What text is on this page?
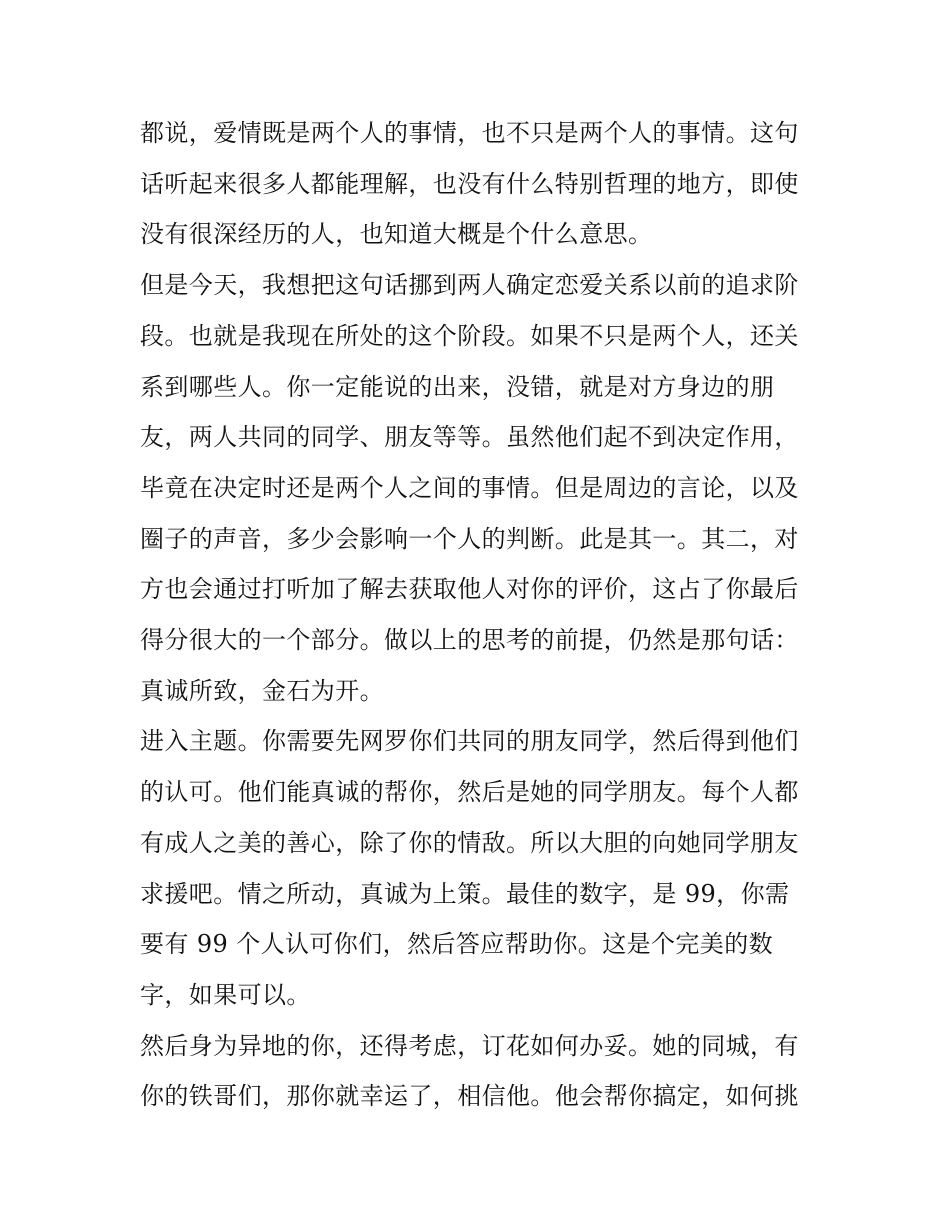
都说，爱情既是两个人的事情，也不只是两个人的事情。这句
话听起来很多人都能理解，也没有什么特别哲理的地方，即使
没有很深经历的人，也知道大概是个什么意思。
但是今天，我想把这句话挪到两人确定恋爱关系以前的追求阶
段。也就是我现在所处的这个阶段。如果不只是两个人，还关
系到哪些人。你一定能说的出来，没错，就是对方身边的朋
友，两人共同的同学、朋友等等。虽然他们起不到决定作用，
毕竟在决定时还是两个人之间的事情。但是周边的言论，以及
圈子的声音，多少会影响一个人的判断。此是其一。其二，对
方也会通过打听加了解去获取他人对你的评价，这占了你最后
得分很大的一个部分。做以上的思考的前提，仍然是那句话：
真诚所致，金石为开。
进入主题。你需要先网罗你们共同的朋友同学，然后得到他们
的认可。他们能真诚的帮你，然后是她的同学朋友。每个人都
有成人之美的善心，除了你的情敌。所以大胆的向她同学朋友
求援吧。情之所动，真诚为上策。最佳的数字，是 99，你需
要有 99 个人认可你们，然后答应帮助你。这是个完美的数
字，如果可以。
然后身为异地的你，还得考虑，订花如何办妥。她的同城，有
你的铁哥们，那你就幸运了，相信他。他会帮你搞定，如何挑
